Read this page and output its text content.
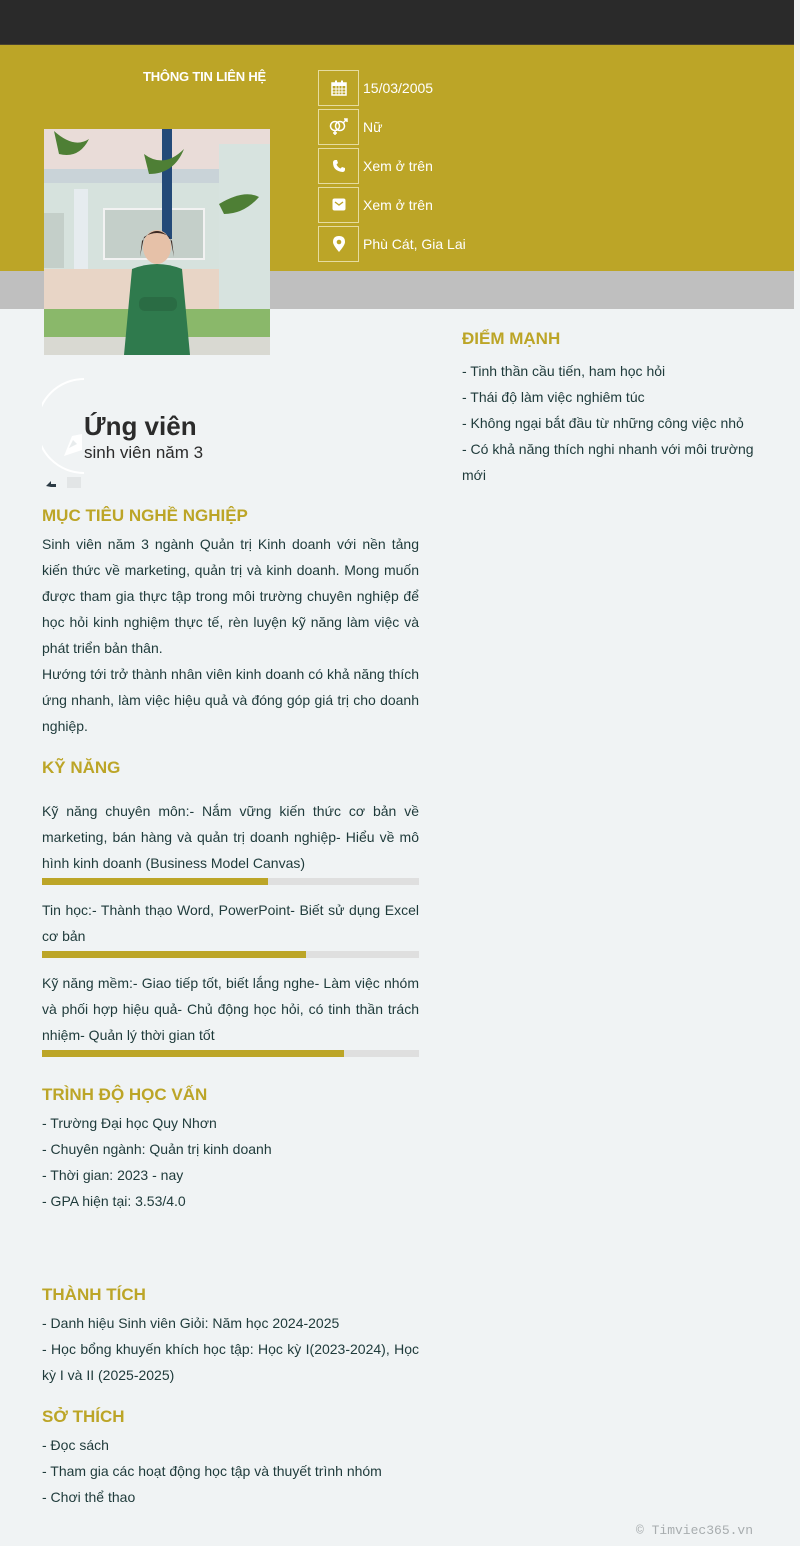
THÔNG TIN LIÊN HỆ
15/03/2005
Nữ
Xem ở trên
Xem ở trên
Phù Cát, Gia Lai
Ứng viên
sinh viên năm 3
MỤC TIÊU NGHỀ NGHIỆP
Sinh viên năm 3 ngành Quản trị Kinh doanh với nền tảng kiến thức về marketing, quản trị và kinh doanh. Mong muốn được tham gia thực tập trong môi trường chuyên nghiệp để học hỏi kinh nghiệm thực tế, rèn luyện kỹ năng làm việc và phát triển bản thân.
Hướng tới trở thành nhân viên kinh doanh có khả năng thích ứng nhanh, làm việc hiệu quả và đóng góp giá trị cho doanh nghiệp.
KỸ NĂNG
Kỹ năng chuyên môn:- Nắm vững kiến thức cơ bản về marketing, bán hàng và quản trị doanh nghiệp- Hiểu về mô hình kinh doanh (Business Model Canvas)
Tin học:- Thành thạo Word, PowerPoint- Biết sử dụng Excel cơ bản
Kỹ năng mềm:- Giao tiếp tốt, biết lắng nghe- Làm việc nhóm và phối hợp hiệu quả- Chủ động học hỏi, có tinh thần trách nhiệm- Quản lý thời gian tốt
TRÌNH ĐỘ HỌC VẤN
- Trường Đại học Quy Nhơn
- Chuyên ngành: Quản trị kinh doanh
- Thời gian: 2023 - nay
- GPA hiện tại: 3.53/4.0
THÀNH TÍCH
- Danh hiệu Sinh viên Giỏi: Năm học 2024-2025
- Học bổng khuyến khích học tập: Học kỳ I(2023-2024), Học kỳ I và II (2025-2025)
SỞ THÍCH
- Đọc sách
- Tham gia các hoạt động học tập và thuyết trình nhóm
- Chơi thể thao
ĐIỂM MẠNH
- Tinh thần cầu tiến, ham học hỏi
- Thái độ làm việc nghiêm túc
- Không ngại bắt đầu từ những công việc nhỏ
- Có khả năng thích nghi nhanh với môi trường mới
© Timviec365.vn
